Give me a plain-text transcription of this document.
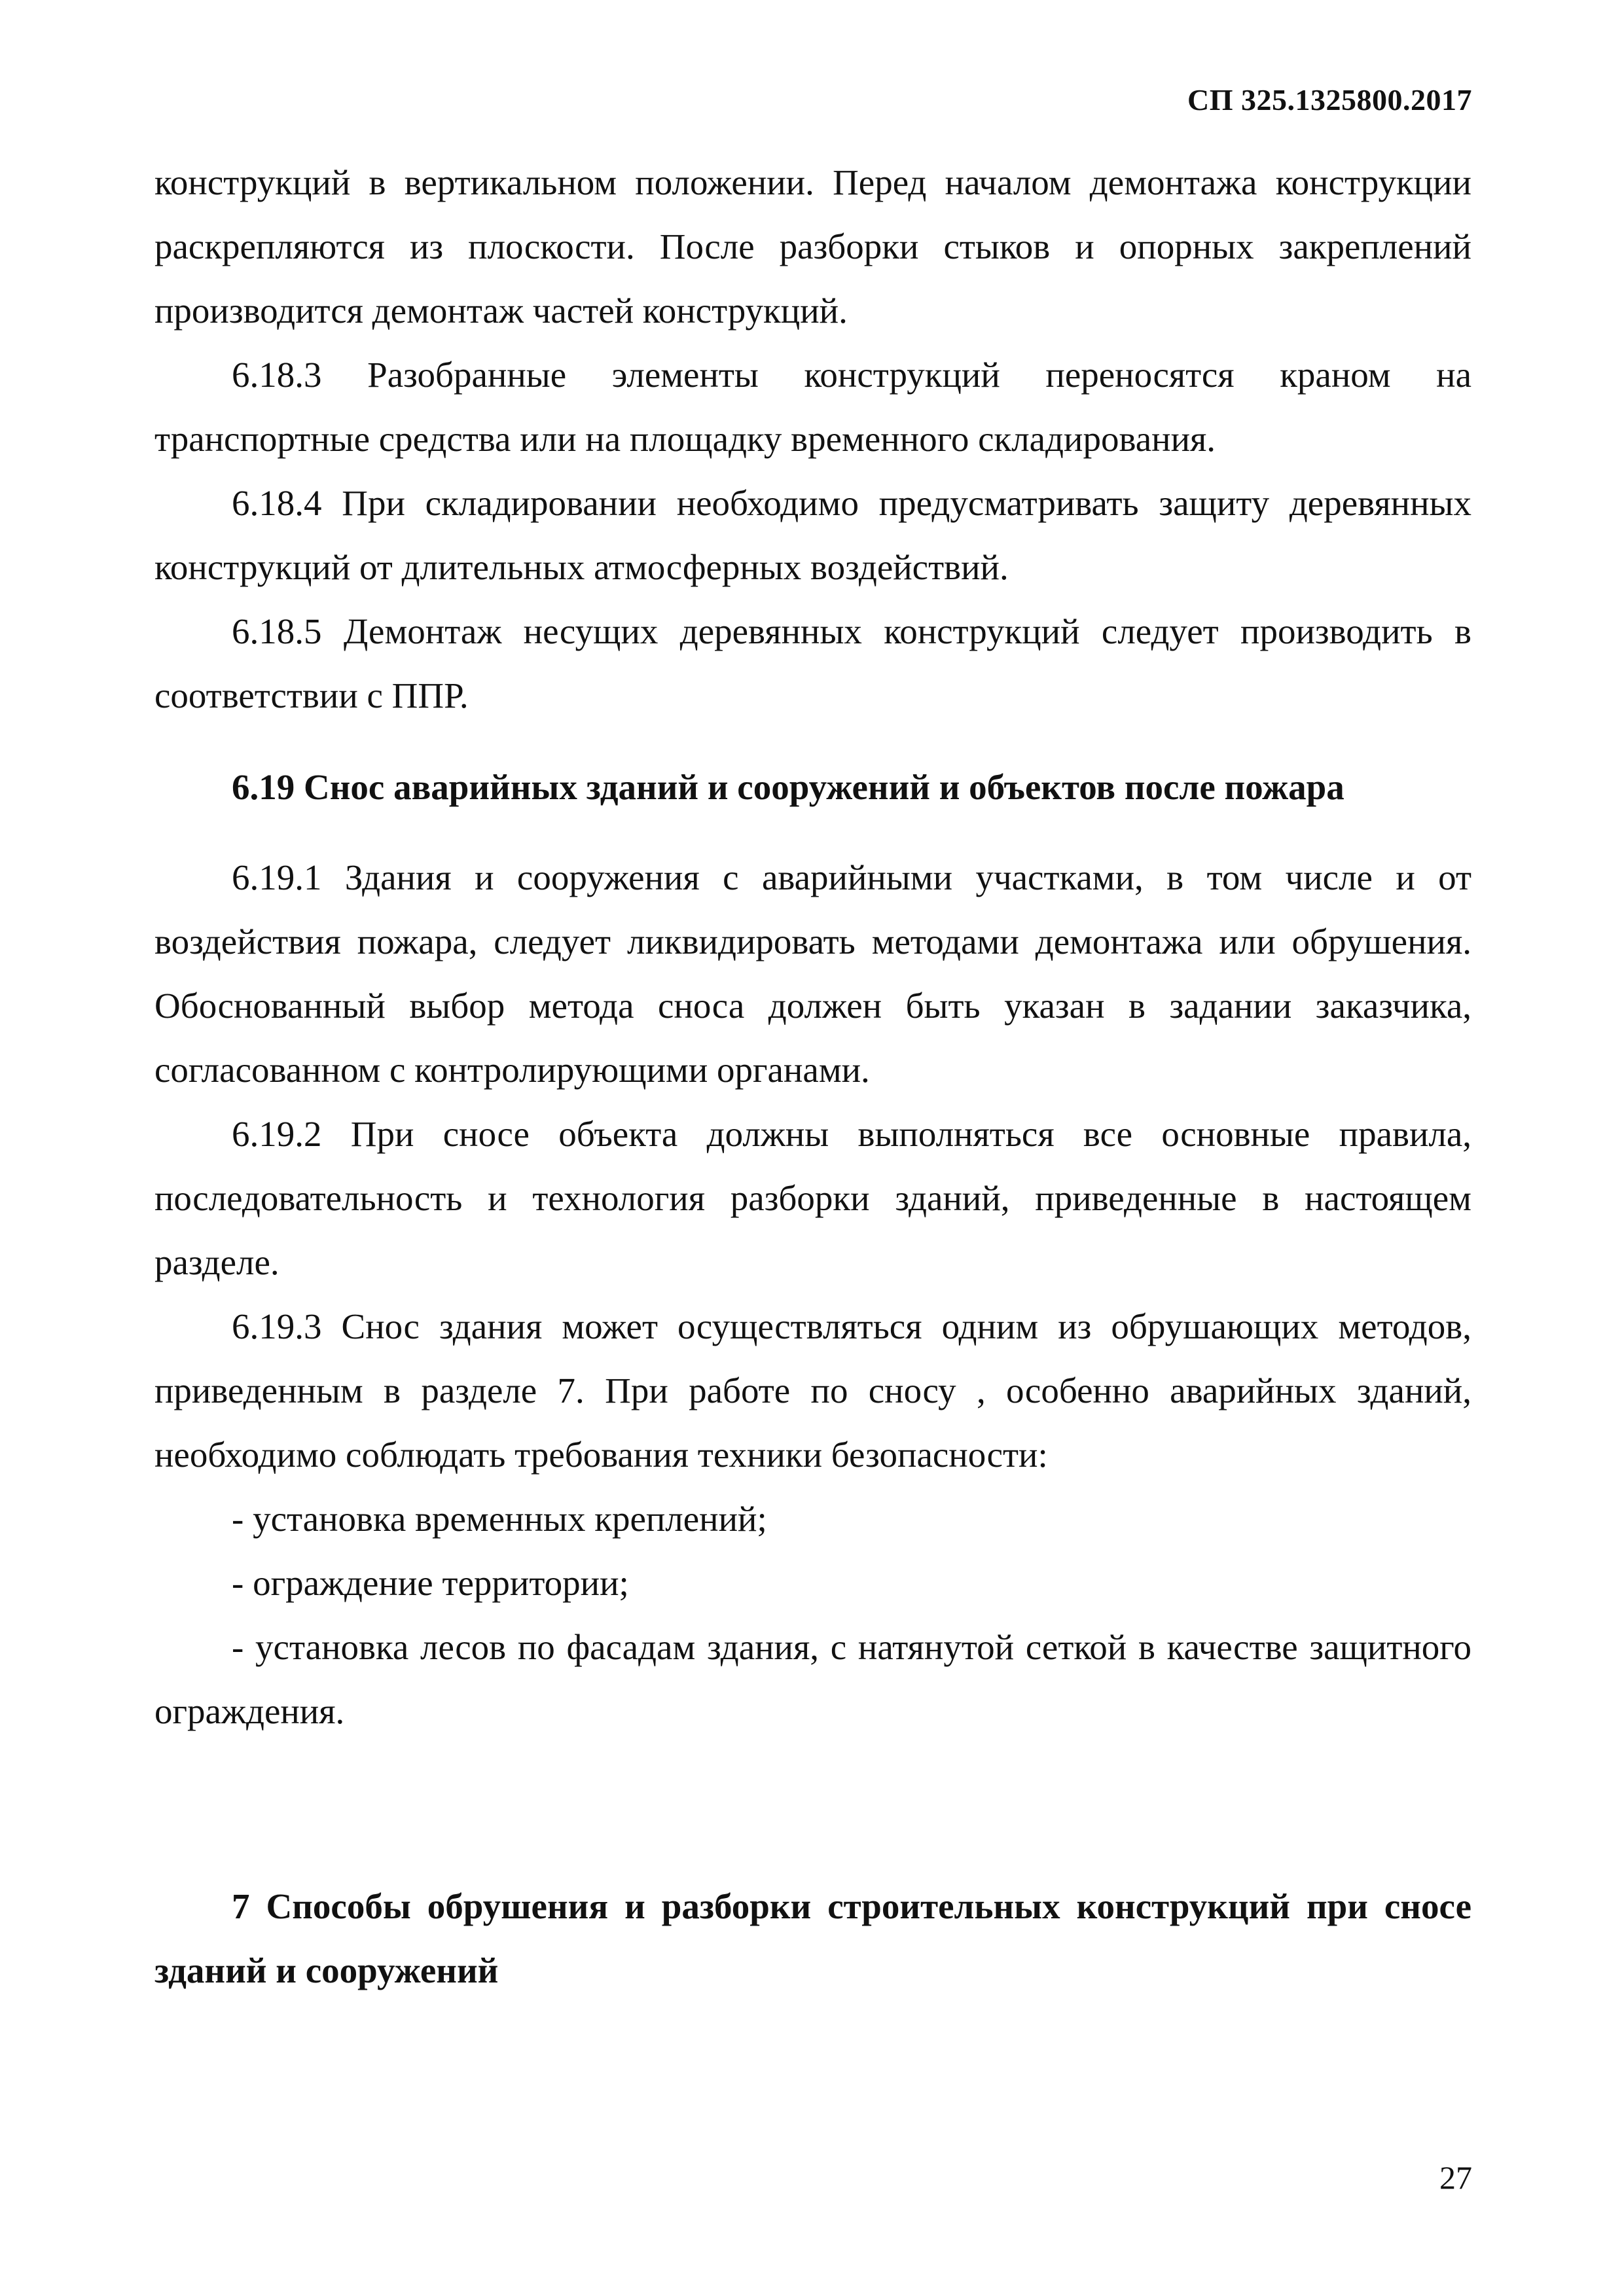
СП 325.1325800.2017

конструкций в вертикальном положении. Перед началом демонтажа конструкции раскрепляются из плоскости. После разборки стыков и опорных закреплений производится демонтаж частей конструкций.

6.18.3 Разобранные элементы конструкций переносятся краном на транспортные средства или на площадку временного складирования.

6.18.4 При складировании необходимо предусматривать защиту деревянных конструкций от длительных атмосферных воздействий.

6.18.5 Демонтаж несущих деревянных конструкций следует производить в соответствии с ППР.

6.19 Снос аварийных зданий и сооружений и объектов после пожара

6.19.1 Здания и сооружения с аварийными участками, в том числе и от воздействия пожара, следует ликвидировать методами демонтажа или обрушения. Обоснованный выбор метода сноса должен быть указан в задании заказчика, согласованном с контролирующими органами.

6.19.2 При сносе объекта должны выполняться все основные правила, последовательность и технология разборки зданий, приведенные в настоящем разделе.

6.19.3 Снос здания может осуществляться одним из обрушающих методов, приведенным в разделе 7. При работе по сносу , особенно аварийных зданий, необходимо соблюдать требования техники безопасности:

- установка временных креплений;

- ограждение территории;

- установка лесов по фасадам здания, с натянутой сеткой в качестве защитного ограждения.

7 Способы обрушения и разборки строительных конструкций при сносе зданий и сооружений

27
